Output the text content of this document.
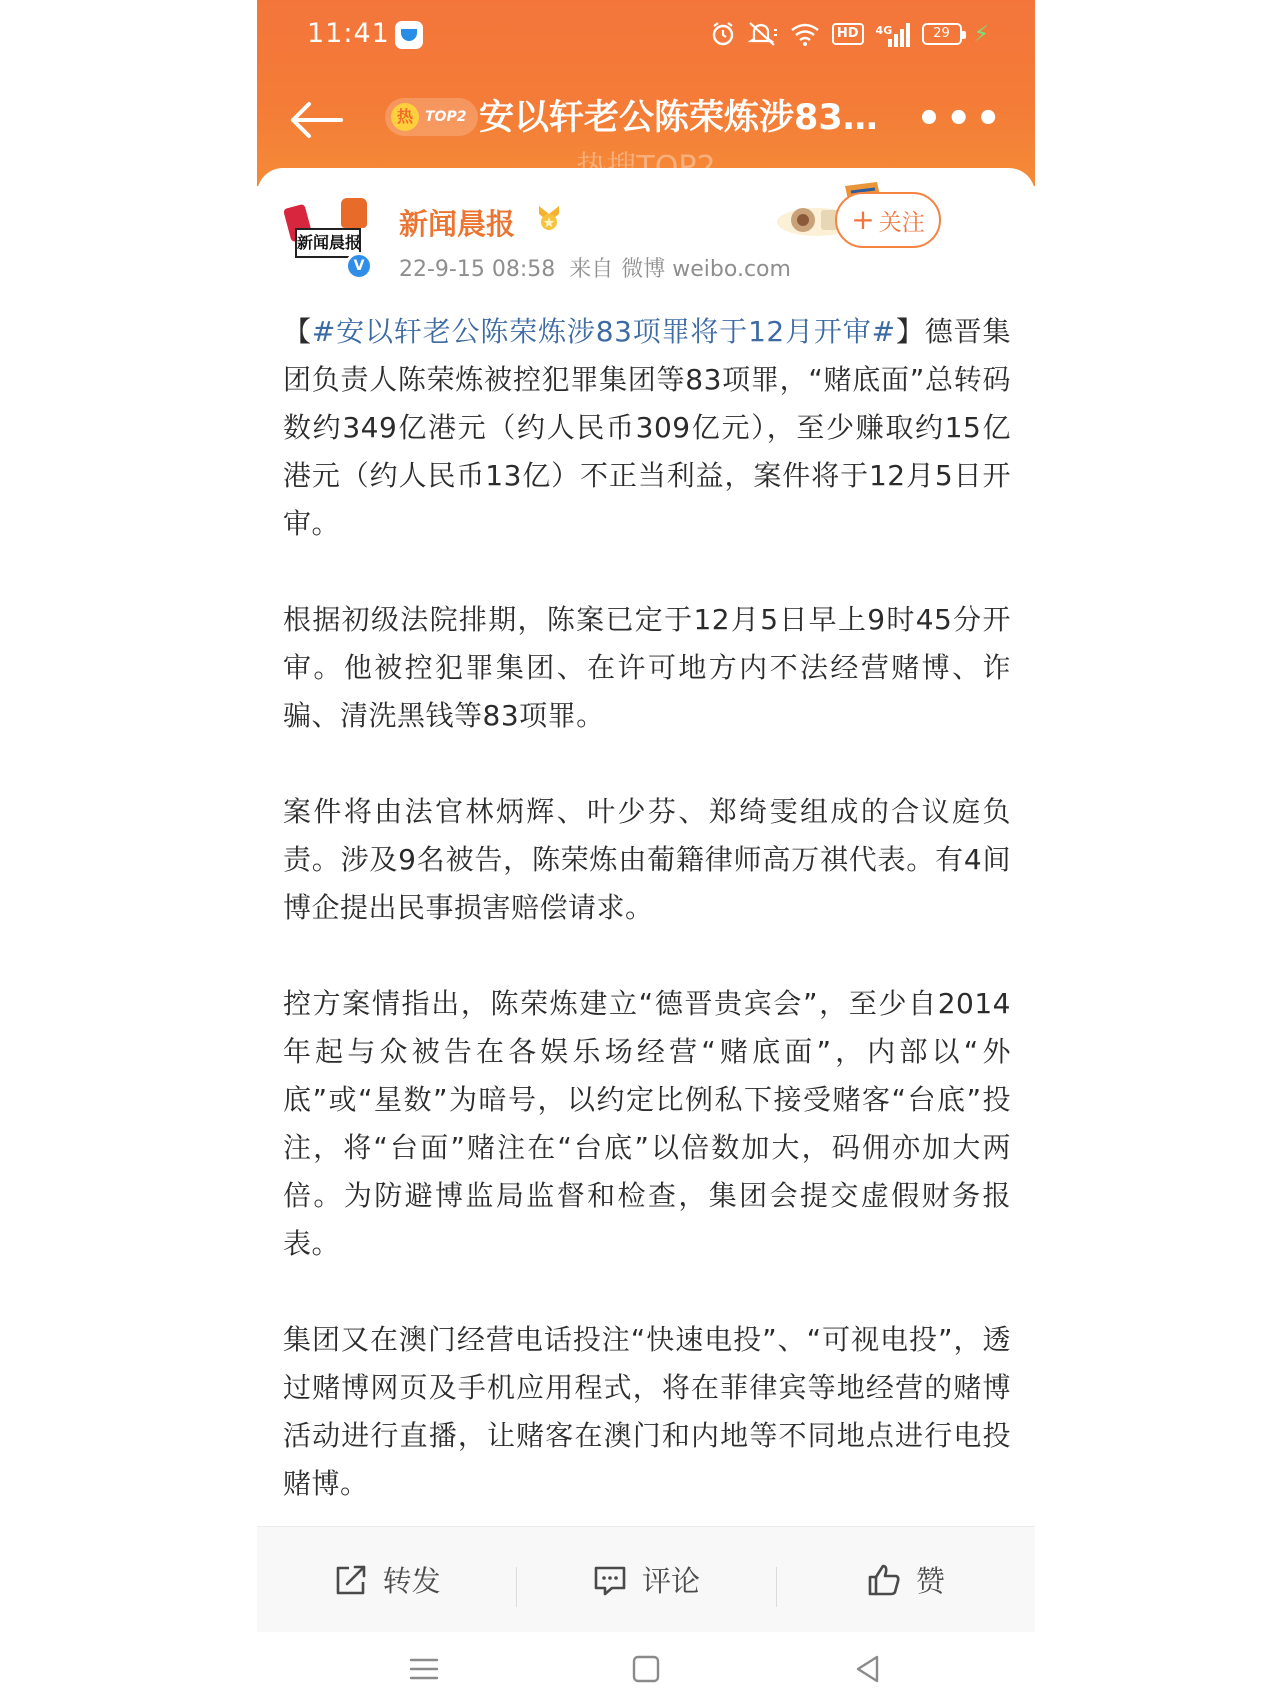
11:41	HD	4G	29	⚡
热 TOP2 安以轩老公陈荣炼涉83… •••
新闻晨报
V
新闻晨报
22-9-15 08:58 来自 微博 weibo.com
+ 关注

【#安以轩老公陈荣炼涉83项罪将于12月开审#】德晋集团负责人陈荣炼被控犯罪集团等83项罪，“赌底面”总转码数约349亿港元（约人民币309亿元），至少赚取约15亿港元（约人民币13亿）不正当利益，案件将于12月5日开审。

根据初级法院排期，陈案已定于12月5日早上9时45分开审。他被控犯罪集团、在许可地方内不法经营赌博、诈骗、清洗黑钱等83项罪。

案件将由法官林炳辉、叶少芬、郑绮雯组成的合议庭负责。涉及9名被告，陈荣炼由葡籍律师高万祺代表。有4间博企提出民事损害赔偿请求。

控方案情指出，陈荣炼建立“德晋贵宾会”，至少自2014年起与众被告在各娱乐场经营“赌底面”，内部以“外底”或“星数”为暗号，以约定比例私下接受赌客“台底”投注，将“台面”赌注在“台底”以倍数加大，码佣亦加大两倍。为防避博监局监督和检查，集团会提交虚假财务报表。

集团又在澳门经营电话投注“快速电投”、“可视电投”，透过赌博网页及手机应用程式，将在菲律宾等地经营的赌博活动进行直播，让赌客在澳门和内地等不同地点进行电投赌博。

转发	评论	赞
